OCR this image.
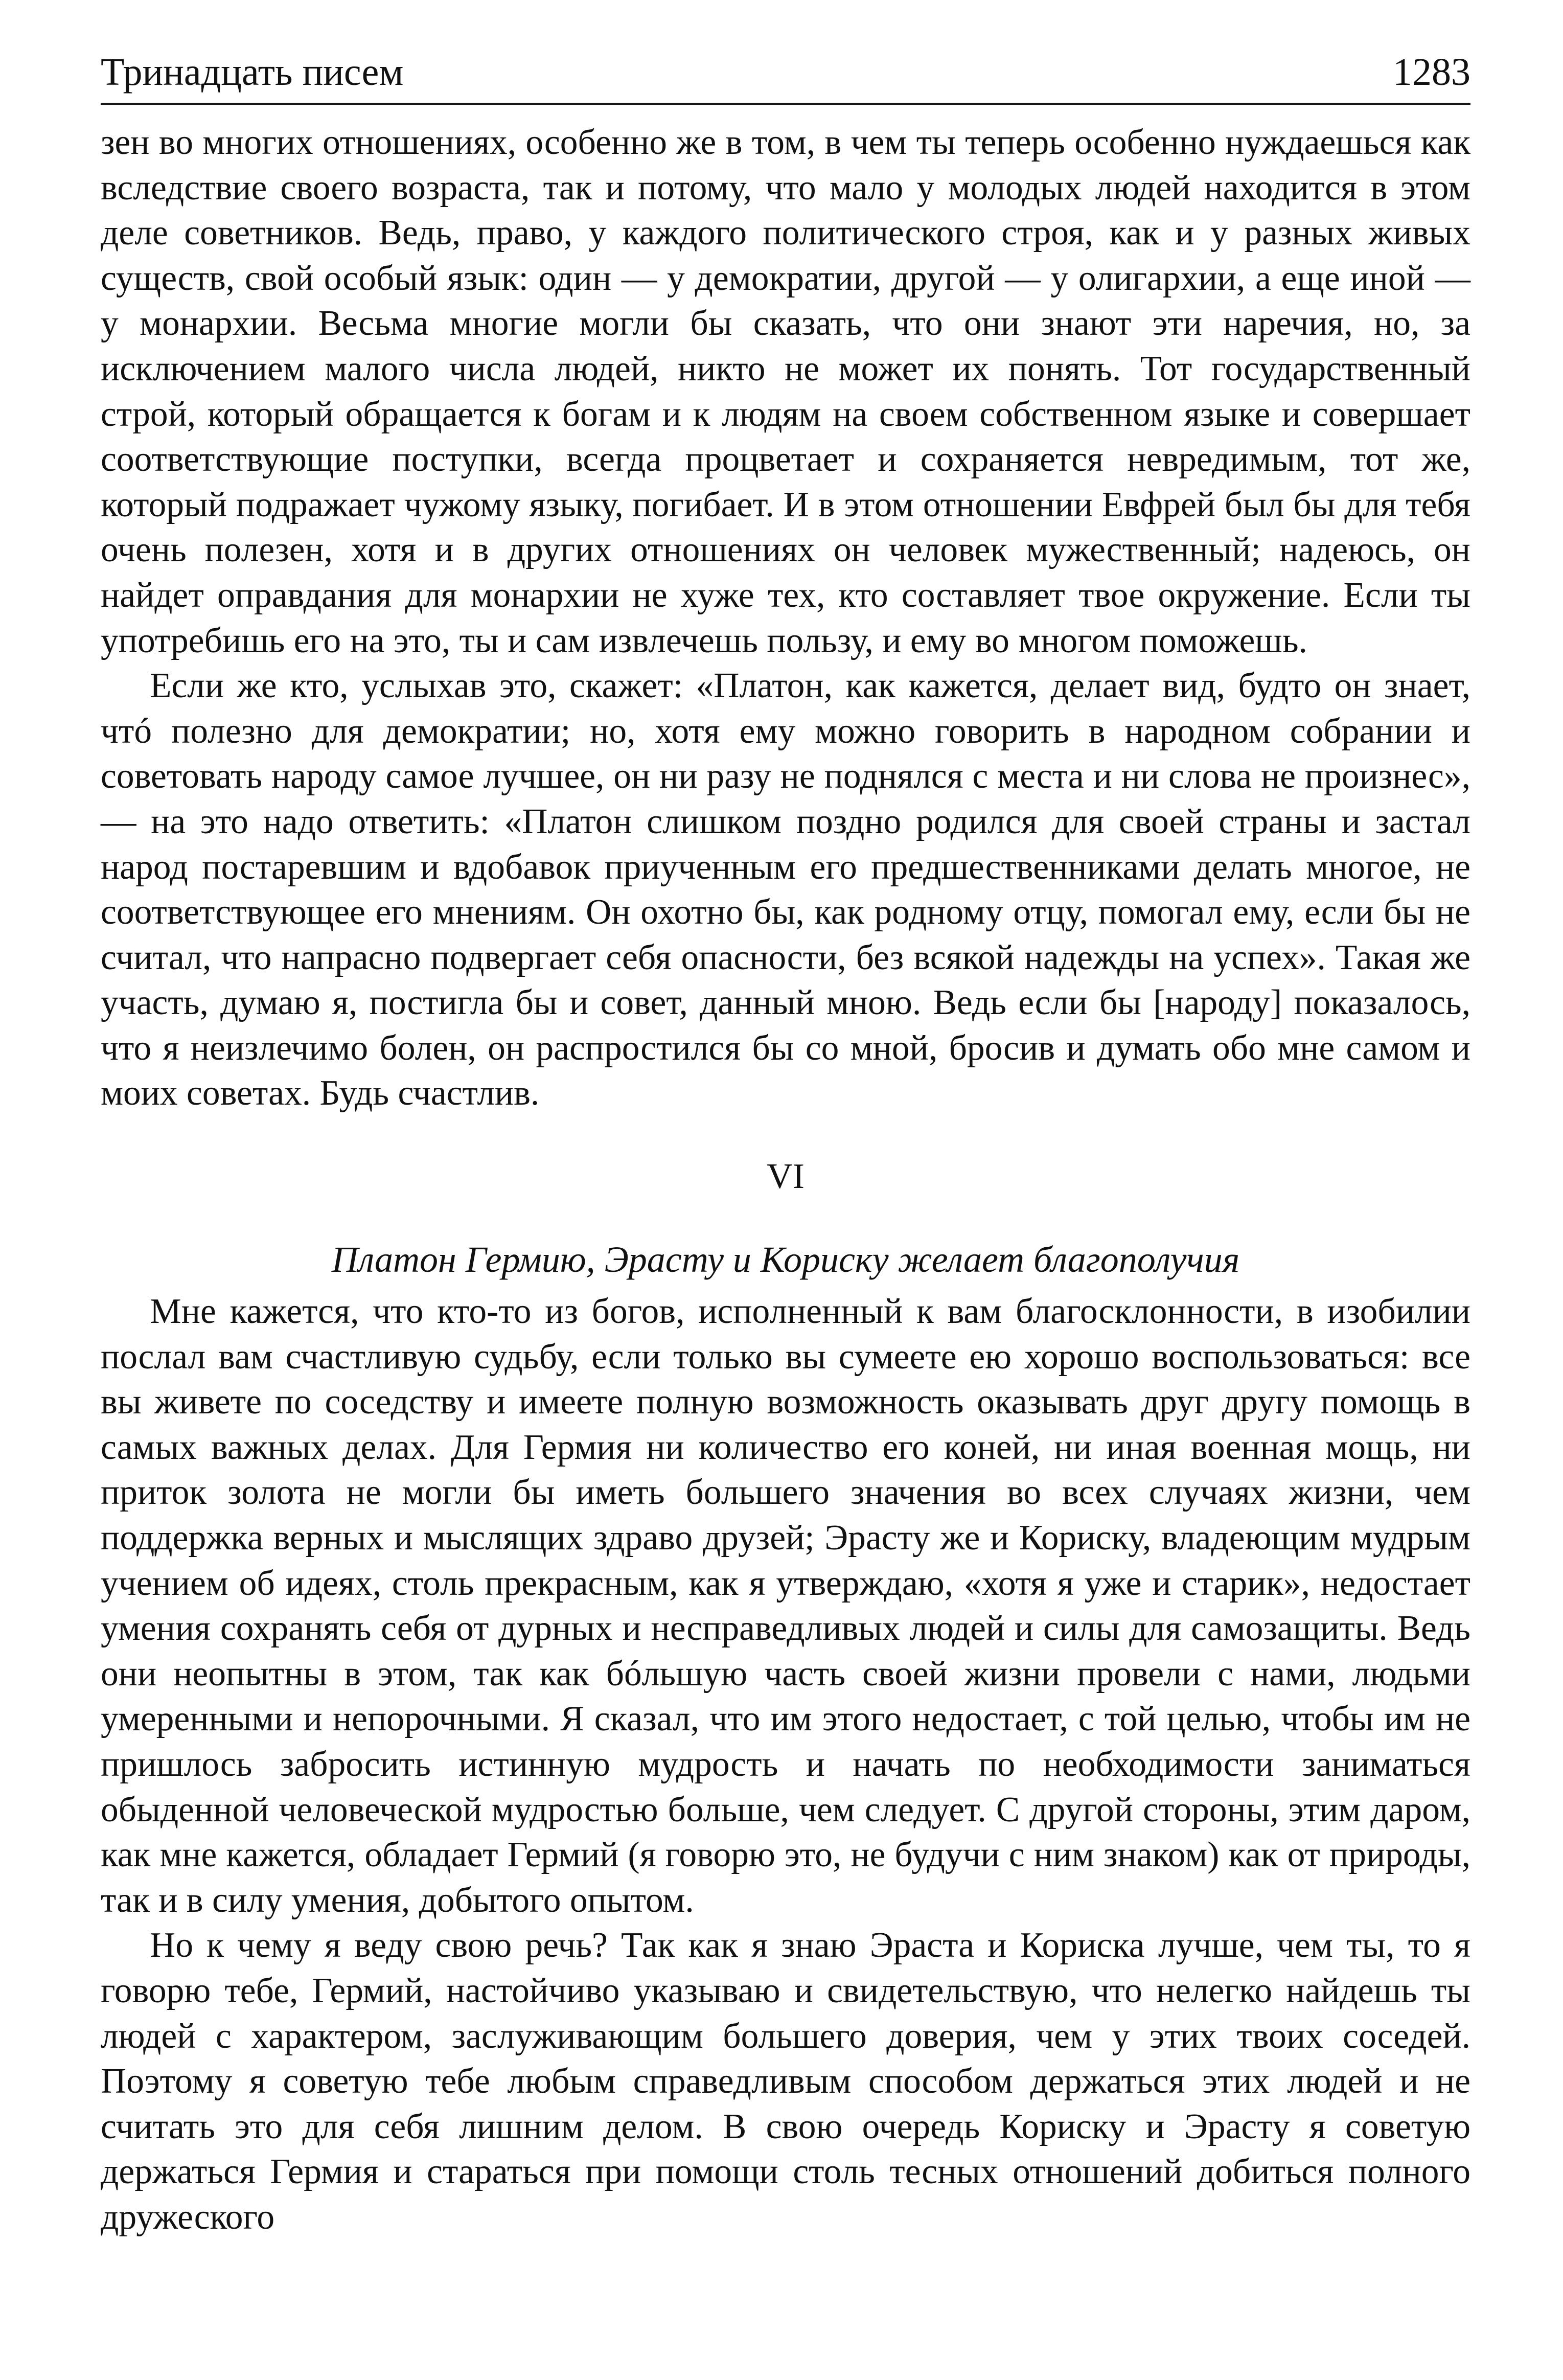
Тринадцать писем	1283

зен во многих отношениях, особенно же в том, в чем ты теперь особенно нуждаешься как вследствие своего возраста, так и потому, что мало у молодых людей находится в этом деле советников. Ведь, право, у каждого политического строя, как и у разных живых существ, свой особый язык: один — у демократии, другой — у олигархии, а еще иной — у монархии. Весьма многие могли бы сказать, что они знают эти наречия, но, за исключением малого числа людей, никто не может их понять. Тот государственный строй, который обращается к богам и к людям на своем собственном языке и совершает соответствующие поступки, всегда процветает и сохраняется невредимым, тот же, который подражает чужому языку, погибает. И в этом отношении Евфрей был бы для тебя очень полезен, хотя и в других отношениях он человек мужественный; надеюсь, он найдет оправдания для монархии не хуже тех, кто составляет твое окружение. Если ты употребишь его на это, ты и сам извлечешь пользу, и ему во многом поможешь.

Если же кто, услыхав это, скажет: «Платон, как кажется, делает вид, будто он знает, чтó полезно для демократии; но, хотя ему можно говорить в народном собрании и советовать народу самое лучшее, он ни разу не поднялся с места и ни слова не произнес», — на это надо ответить: «Платон слишком поздно родился для своей страны и застал народ постаревшим и вдобавок приученным его предшественниками делать многое, не соответствующее его мнениям. Он охотно бы, как родному отцу, помогал ему, если бы не считал, что напрасно подвергает себя опасности, без всякой надежды на успех». Такая же участь, думаю я, постигла бы и совет, данный мною. Ведь если бы [народу] показалось, что я неизлечимо болен, он распростился бы со мной, бросив и думать обо мне самом и моих советах. Будь счастлив.

VI
Платон Гермию, Эрасту и Кориску желает благополучия

Мне кажется, что кто-то из богов, исполненный к вам благосклонности, в изобилии послал вам счастливую судьбу, если только вы сумеете ею хорошо воспользоваться: все вы живете по соседству и имеете полную возможность оказывать друг другу помощь в самых важных делах. Для Гермия ни количество его коней, ни иная военная мощь, ни приток золота не могли бы иметь большего значения во всех случаях жизни, чем поддержка верных и мыслящих здраво друзей; Эрасту же и Кориску, владеющим мудрым учением об идеях, столь прекрасным, как я утверждаю, «хотя я уже и старик», недостает умения сохранять себя от дурных и несправедливых людей и силы для самозащиты. Ведь они неопытны в этом, так как бóльшую часть своей жизни провели с нами, людьми умеренными и непорочными. Я сказал, что им этого недостает, с той целью, чтобы им не пришлось забросить истинную мудрость и начать по необходимости заниматься обыденной человеческой мудростью больше, чем следует. С другой стороны, этим даром, как мне кажется, обладает Гермий (я говорю это, не будучи с ним знаком) как от природы, так и в силу умения, добытого опытом.

Но к чему я веду свою речь? Так как я знаю Эраста и Кориска лучше, чем ты, то я говорю тебе, Гермий, настойчиво указываю и свидетельствую, что нелегко найдешь ты людей с характером, заслуживающим большего доверия, чем у этих твоих соседей. Поэтому я советую тебе любым справедливым способом держаться этих людей и не считать это для себя лишним делом. В свою очередь Кориску и Эрасту я советую держаться Гермия и стараться при помощи столь тесных отношений добиться полного дружеского
